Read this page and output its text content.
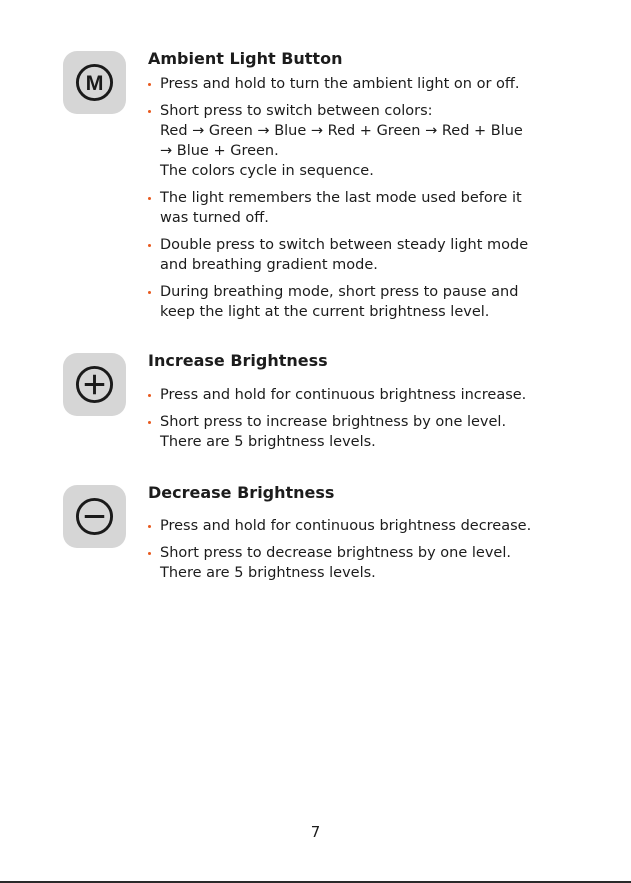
M
Ambient Light Button
Press and hold to turn the ambient light on or off.
Short press to switch between colors:
Red → Green → Blue → Red + Green → Red + Blue
→ Blue + Green.
The colors cycle in sequence.
The light remembers the last mode used before it
was turned off.
Double press to switch between steady light mode
and breathing gradient mode.
During breathing mode, short press to pause and
keep the light at the current brightness level.
Increase Brightness
Press and hold for continuous brightness increase.
Short press to increase brightness by one level.
There are 5 brightness levels.
Decrease Brightness
Press and hold for continuous brightness decrease.
Short press to decrease brightness by one level.
There are 5 brightness levels.
7
